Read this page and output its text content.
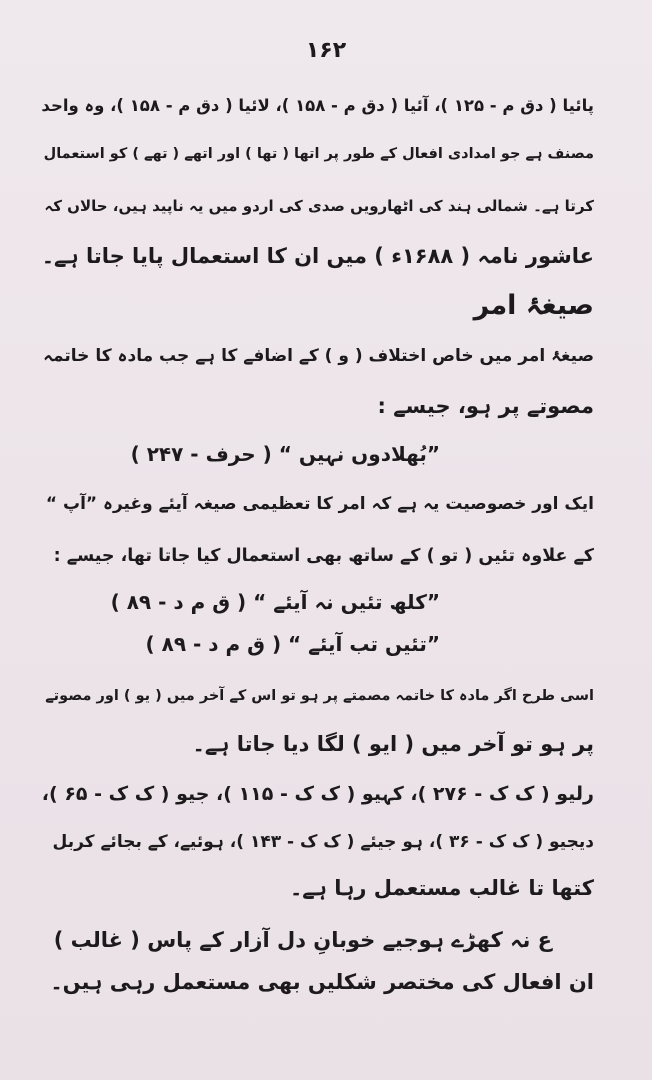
۱۶۲
پائیا ( دق م - ۱۲۵ )، آئیا ( دق م - ۱۵۸ )، لائیا ( دق م - ۱۵۸ )، وہ واحد
مصنف ہے جو امدادی افعال کے طور پر اتھا ( تھا ) اور اتھے ( تھے ) کو استعمال
کرتا ہے۔ شمالی ہند کی اٹھارویں صدی کی اردو میں یہ ناپید ہیں، حالاں کہ
عاشور نامہ ( ۱۶۸۸ء ) میں ان کا استعمال پایا جاتا ہے۔
صیغۂ امر
صیغۂ امر میں خاص اختلاف ( و ) کے اضافے کا ہے جب مادہ کا خاتمہ
مصوتے پر ہو، جیسے :
”بُھلادوں نہیں “ ( حرف - ۲۴۷ )
ایک اور خصوصیت یہ ہے کہ امر کا تعظیمی صیغہ آیئے وغیرہ ”آپ “
کے علاوہ تئیں ( تو ) کے ساتھ بھی استعمال کیا جاتا تھا، جیسے :
”کلھ تئیں نہ آیئے “ ( ق م د - ۸۹ )
”تئیں تب آیئے “ ( ق م د - ۸۹ )
اسی طرح اگر مادہ کا خاتمہ مصمتے پر ہو تو اس کے آخر میں ( یو ) اور مصوتے
پر ہو تو آخر میں ( ایو ) لگا دیا جاتا ہے۔
رلیو ( ک ک - ۲۷۶ )، کہیو ( ک ک - ۱۱۵ )، جیو ( ک ک - ۶۵ )،
دیجیو ( ک ک - ۳۶ )، ہو جیئے ( ک ک - ۱۴۳ )، ہوئیے، کے بجائے کربل
کتھا تا غالب مستعمل رہا ہے۔
ع نہ کھڑے ہوجیے خوبانِ دل آزار کے پاس ( غالب )
ان افعال کی مختصر شکلیں بھی مستعمل رہی ہیں۔
